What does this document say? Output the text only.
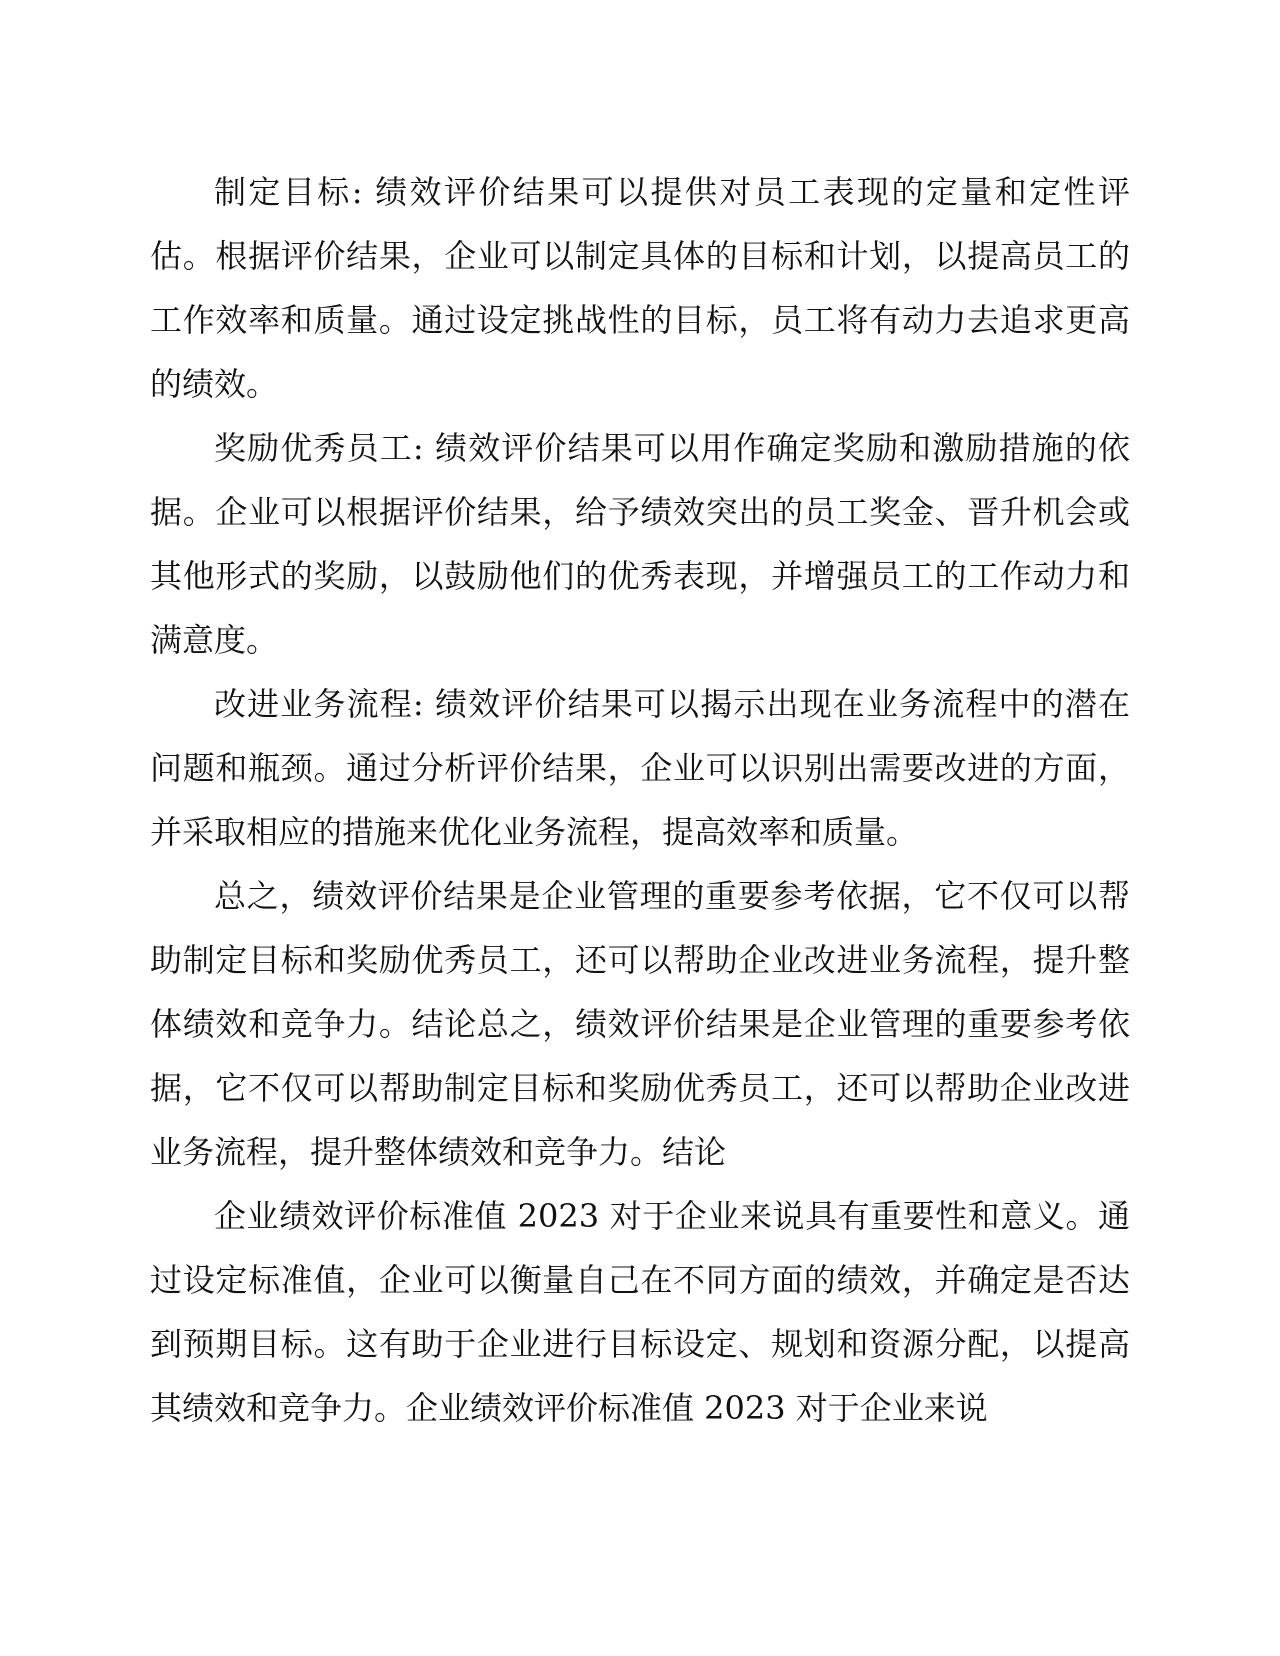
制定目标: 绩效评价结果可以提供对员工表现的定量和定性评估。根据评价结果，企业可以制定具体的目标和计划，以提高员工的工作效率和质量。通过设定挑战性的目标，员工将有动力去追求更高的绩效。

奖励优秀员工: 绩效评价结果可以用作确定奖励和激励措施的依据。企业可以根据评价结果，给予绩效突出的员工奖金、晋升机会或其他形式的奖励，以鼓励他们的优秀表现，并增强员工的工作动力和满意度。

改进业务流程: 绩效评价结果可以揭示出现在业务流程中的潜在问题和瓶颈。通过分析评价结果，企业可以识别出需要改进的方面，并采取相应的措施来优化业务流程，提高效率和质量。

总之，绩效评价结果是企业管理的重要参考依据，它不仅可以帮助制定目标和奖励优秀员工，还可以帮助企业改进业务流程，提升整体绩效和竞争力。结论总之，绩效评价结果是企业管理的重要参考依据，它不仅可以帮助制定目标和奖励优秀员工，还可以帮助企业改进业务流程，提升整体绩效和竞争力。结论

企业绩效评价标准值 2023 对于企业来说具有重要性和意义。通过设定标准值，企业可以衡量自己在不同方面的绩效，并确定是否达到预期目标。这有助于企业进行目标设定、规划和资源分配，以提高其绩效和竞争力。企业绩效评价标准值 2023 对于企业来说
